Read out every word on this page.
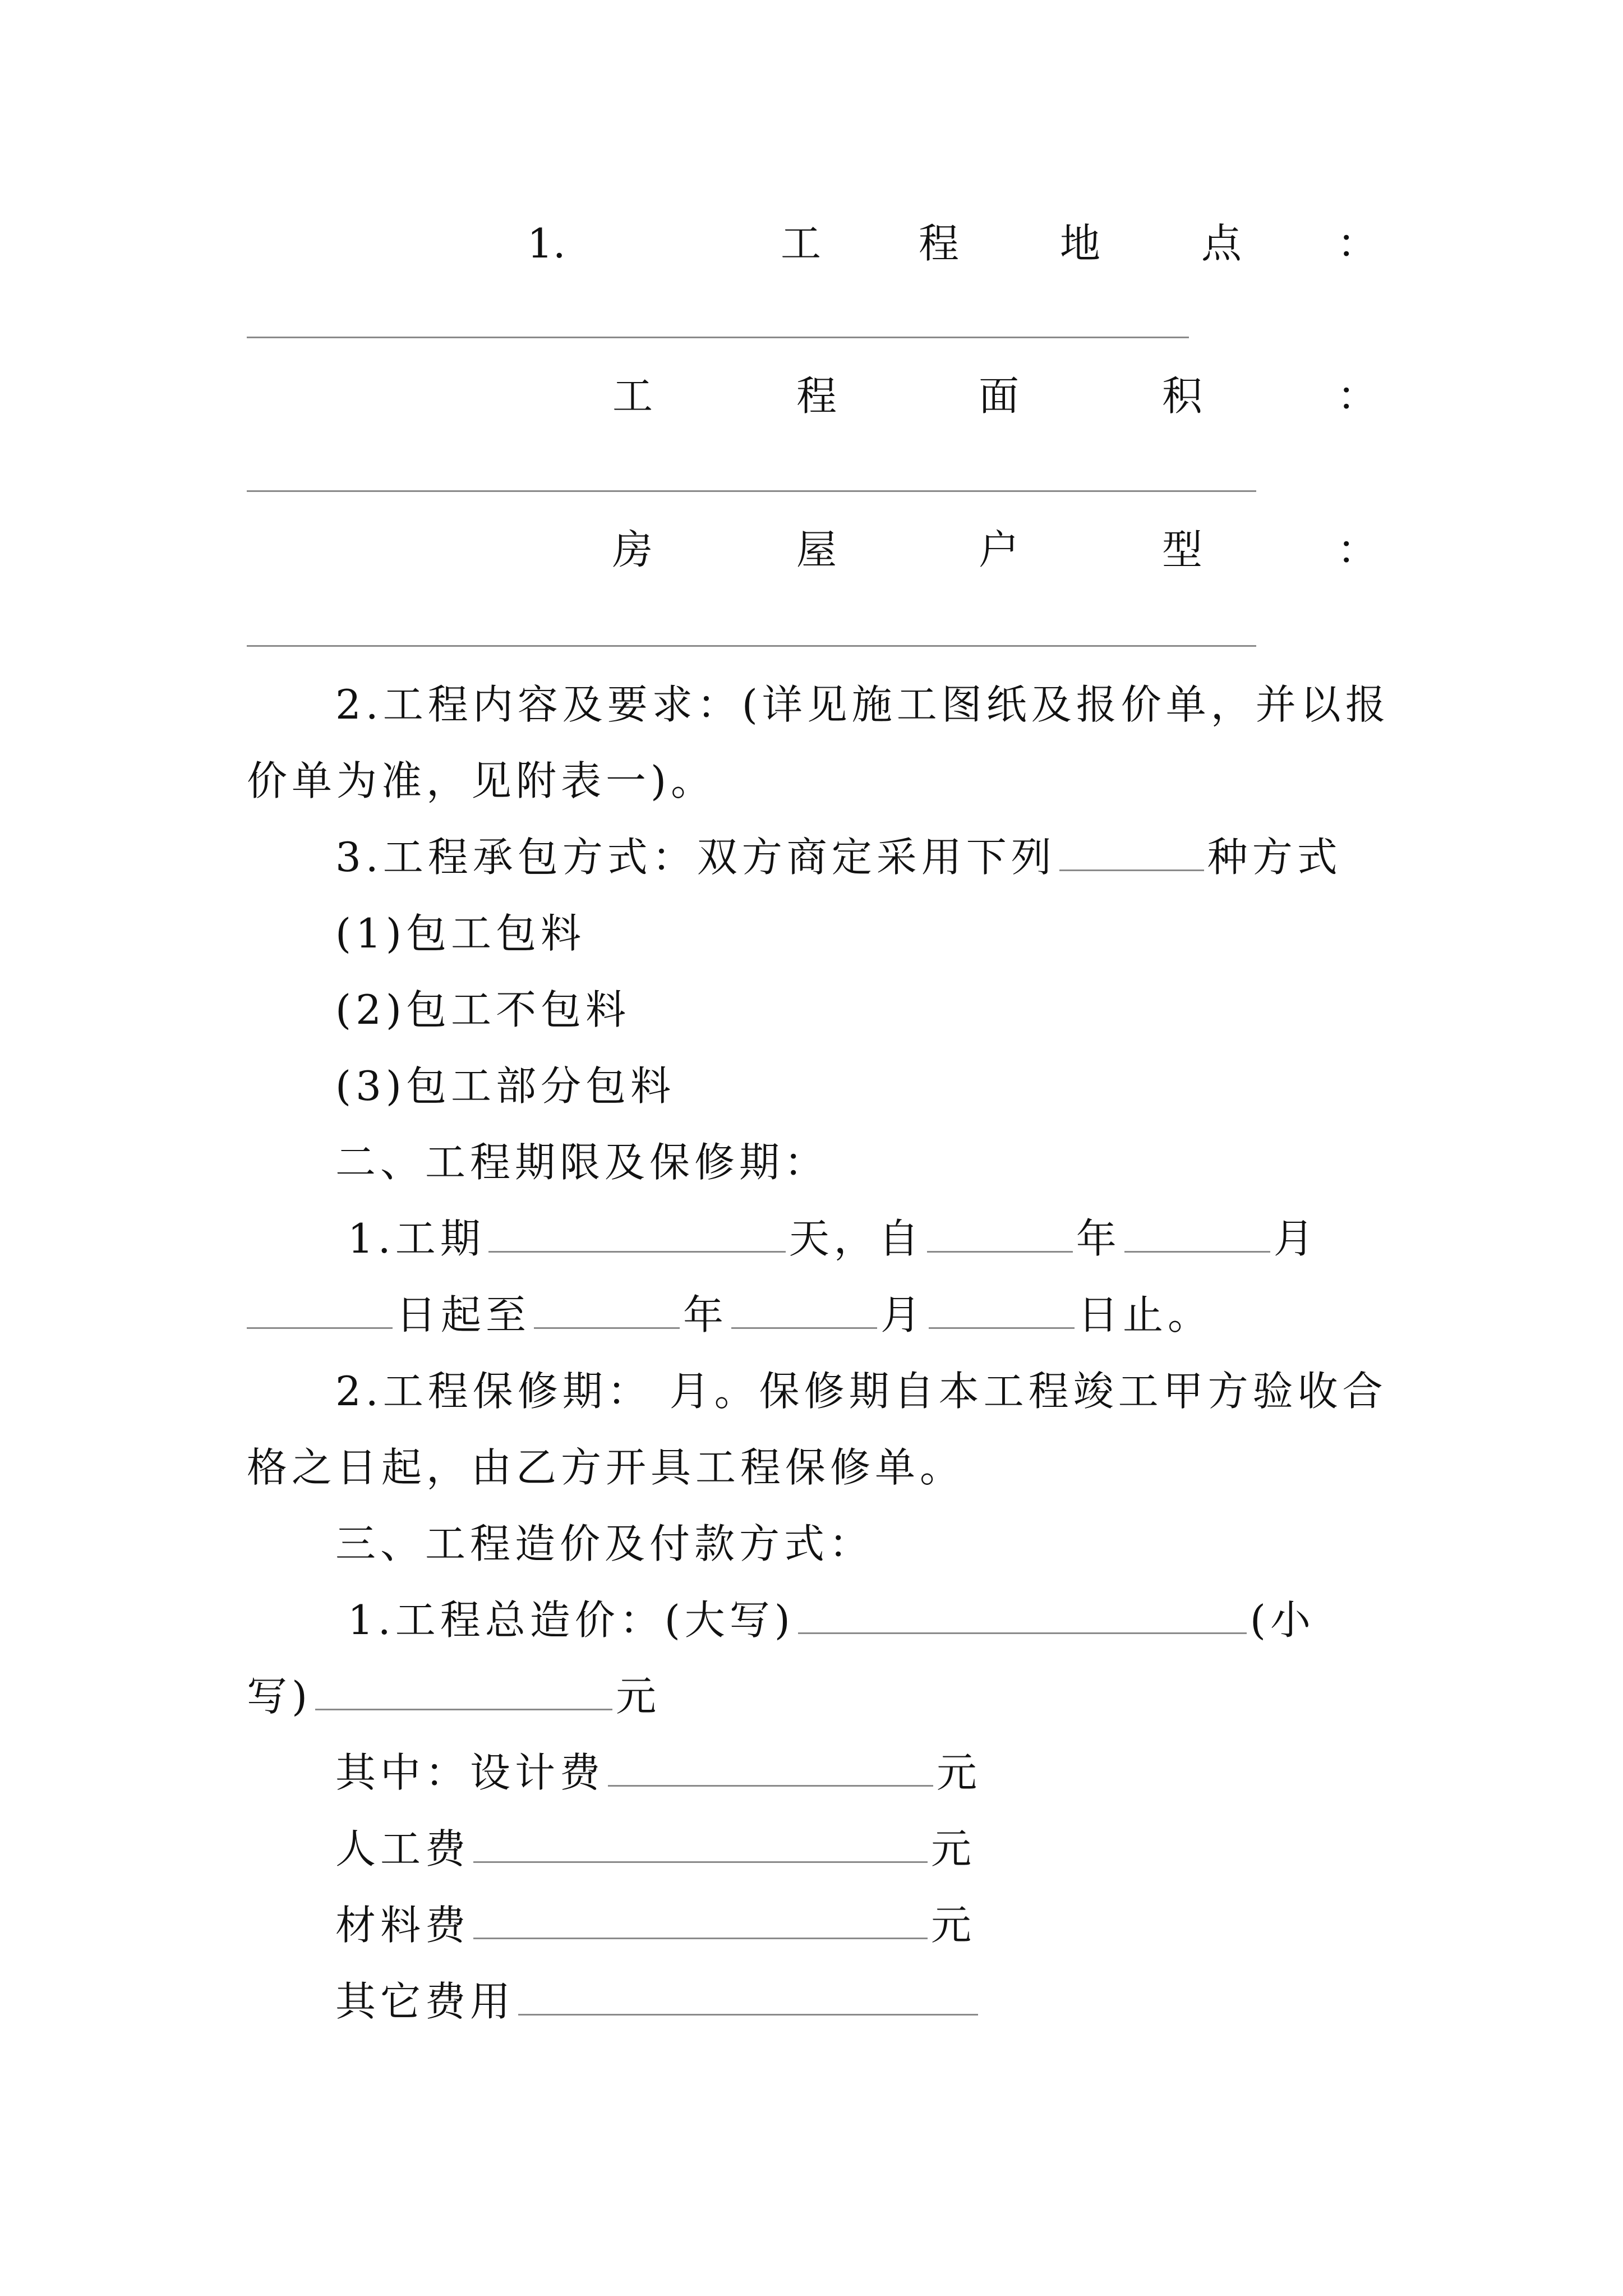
1.	工 程 地 点 ：
工	程	面	积	：
房	屋	户	型	：
2.工程内容及要求：(详见施工图纸及报价单，并以报
价单为准，见附表一)。
3.工程承包方式：双方商定采用下列	种方式
(1)包工包料
(2)包工不包料
(3)包工部分包料
二、工程期限及保修期：
1.工期	天，自	年	月
日起至	年	月	日止。
2.工程保修期： 月。保修期自本工程竣工甲方验收合
格之日起，由乙方开具工程保修单。
三、工程造价及付款方式：
1.工程总造价：(大写)	(小
写)	元
其中：设计费	元
人工费	元
材料费	元
其它费用
